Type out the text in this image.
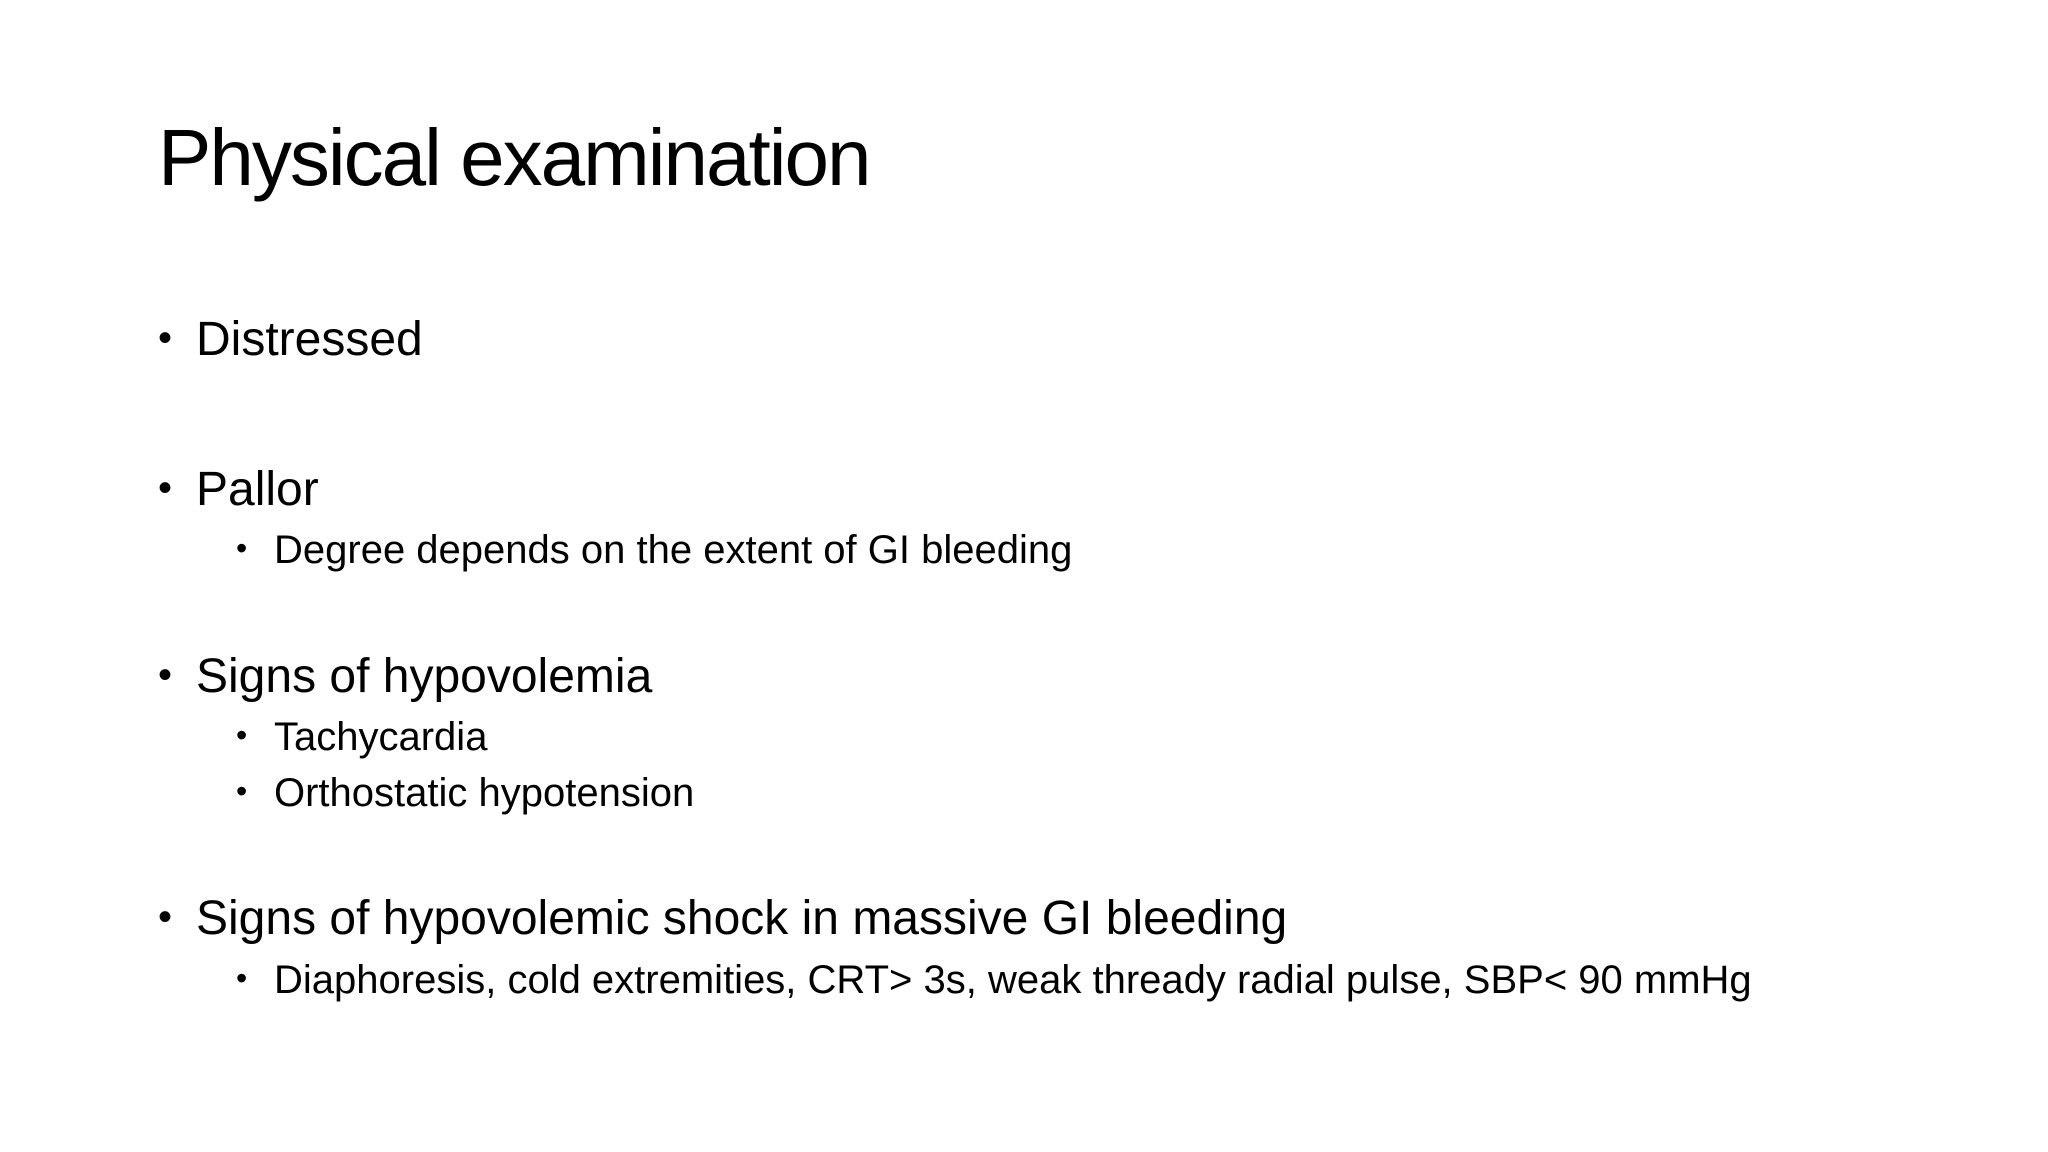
Physical examination
• Distressed
• Pallor
• Degree depends on the extent of GI bleeding
• Signs of hypovolemia
• Tachycardia
• Orthostatic hypotension
• Signs of hypovolemic shock in massive GI bleeding
• Diaphoresis, cold extremities, CRT> 3s, weak thready radial pulse, SBP< 90 mmHg
